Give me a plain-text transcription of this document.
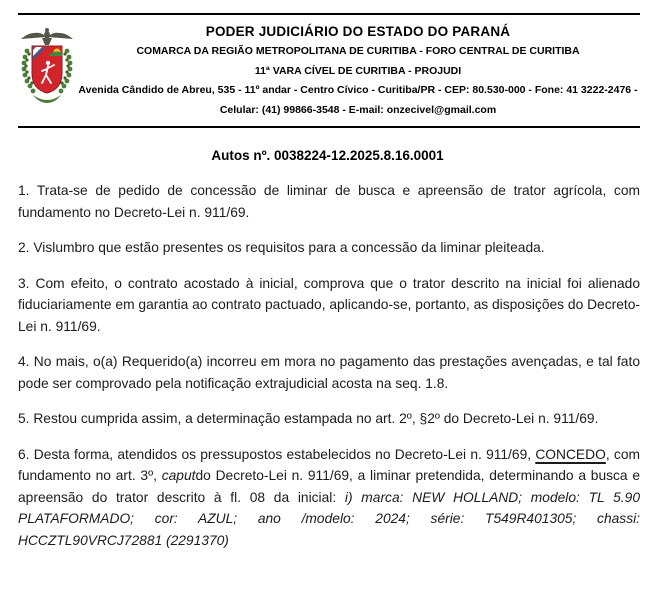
PODER JUDICIÁRIO DO ESTADO DO PARANÁ
COMARCA DA REGIÃO METROPOLITANA DE CURITIBA - FORO CENTRAL DE CURITIBA
11ª VARA CÍVEL DE CURITIBA - PROJUDI
Avenida Cândido de Abreu, 535 - 11º andar - Centro Cívico - Curitiba/PR - CEP: 80.530-000 - Fone: 41 3222-2476 -
Celular: (41) 99866-3548 - E-mail: onzecivel@gmail.com
Autos nº. 0038224-12.2025.8.16.0001

1. Trata-se de pedido de concessão de liminar de busca e apreensão de trator agrícola, com fundamento no Decreto-Lei n. 911/69.

2. Vislumbro que estão presentes os requisitos para a concessão da liminar pleiteada.

3. Com efeito, o contrato acostado à inicial, comprova que o trator descrito na inicial foi alienado fiduciariamente em garantia ao contrato pactuado, aplicando-se, portanto, as disposições do Decreto-Lei n. 911/69.

4. No mais, o(a) Requerido(a) incorreu em mora no pagamento das prestações avençadas, e tal fato pode ser comprovado pela notificação extrajudicial acosta na seq. 1.8.

5. Restou cumprida assim, a determinação estampada no art. 2º, §2º do Decreto-Lei n. 911/69.

6. Desta forma, atendidos os pressupostos estabelecidos no Decreto-Lei n. 911/69, CONCEDO, com fundamento no art. 3º, caputdo Decreto-Lei n. 911/69, a liminar pretendida, determinando a busca e apreensão do trator descrito à fl. 08 da inicial: i) marca: NEW HOLLAND; modelo: TL 5.90 PLATAFORMADO; cor: AZUL; ano /modelo: 2024; série: T549R401305; chassi: HCCZTL90VRCJ72881 (2291370)
